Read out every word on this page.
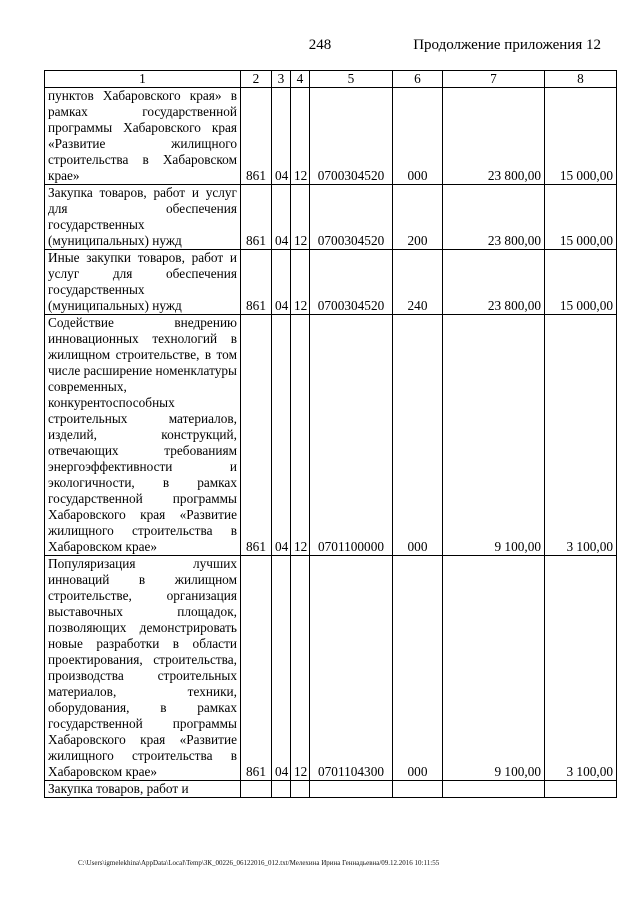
248	Продолжение приложения 12
1	2	3	4	5	6	7	8
пунктов Хабаровского края» в рамках государственной программы Хабаровского края «Развитие жилищного строительства в Хабаровском крае»	861	04	12	0700304520	000	23 800,00	15 000,00
Закупка товаров, работ и услуг для обеспечения государственных (муниципальных) нужд	861	04	12	0700304520	200	23 800,00	15 000,00
Иные закупки товаров, работ и услуг для обеспечения государственных (муниципальных) нужд	861	04	12	0700304520	240	23 800,00	15 000,00
Содействие внедрению инновационных технологий в жилищном строительстве, в том числе расширение номенклатуры современных, конкурентоспособных строительных материалов, изделий, конструкций, отвечающих требованиям энергоэффективности и экологичности, в рамках государственной программы Хабаровского края «Развитие жилищного строительства в Хабаровском крае»	861	04	12	0701100000	000	9 100,00	3 100,00
Популяризация лучших инноваций в жилищном строительстве, организация выставочных площадок, позволяющих демонстрировать новые разработки в области проектирования, строительства, производства строительных материалов, техники, оборудования, в рамках государственной программы Хабаровского края «Развитие жилищного строительства в Хабаровском крае»	861	04	12	0701104300	000	9 100,00	3 100,00
Закупка товаров, работ и							
C:\Users\igmelekhina\AppData\Local\Temp\ЗК_00226_06122016_012.txt/Мелехина Ирина Геннадьевна/09.12.2016 10:11:55
